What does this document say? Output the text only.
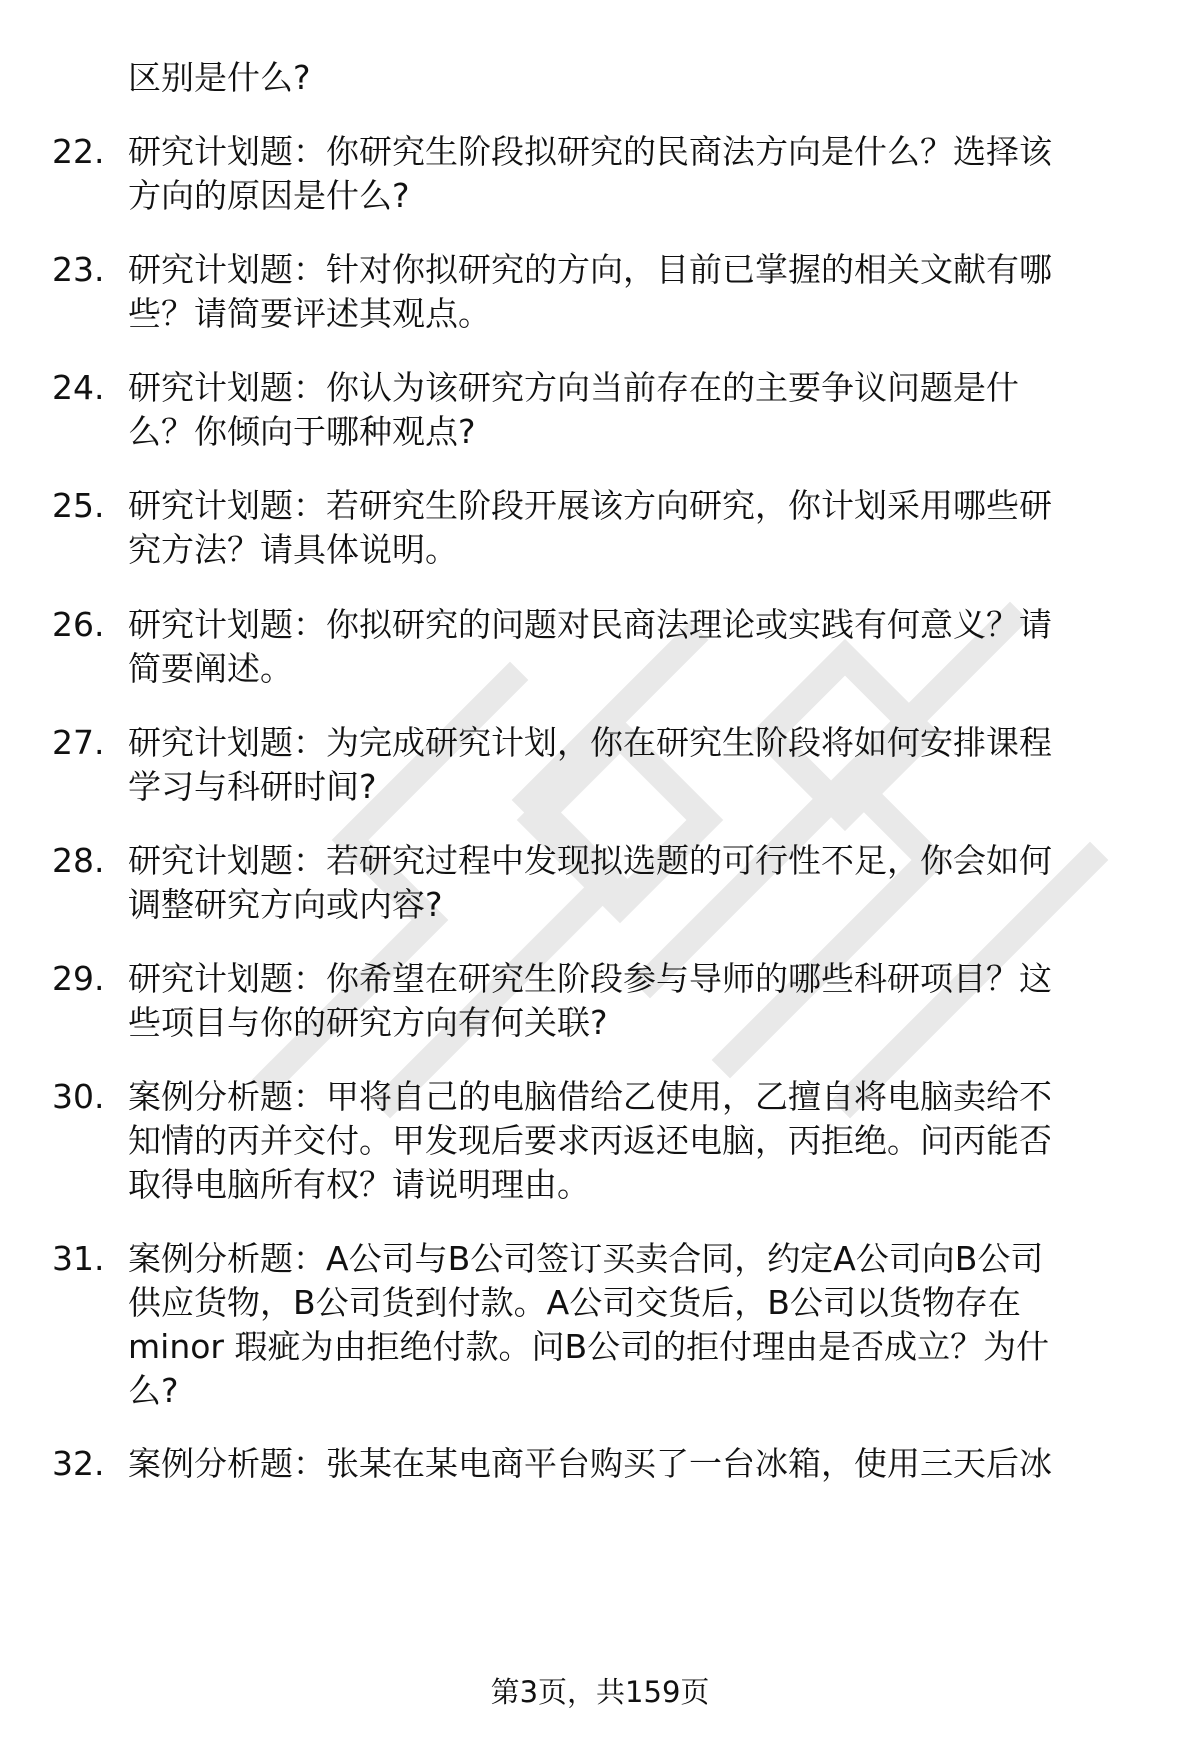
区别是什么?
22. 研究计划题：你研究生阶段拟研究的民商法方向是什么？选择该
方向的原因是什么?
23. 研究计划题：针对你拟研究的方向，目前已掌握的相关文献有哪
些？请简要评述其观点。
24. 研究计划题：你认为该研究方向当前存在的主要争议问题是什
么？你倾向于哪种观点?
25. 研究计划题：若研究生阶段开展该方向研究，你计划采用哪些研
究方法？请具体说明。
26. 研究计划题：你拟研究的问题对民商法理论或实践有何意义？请
简要阐述。
27. 研究计划题：为完成研究计划，你在研究生阶段将如何安排课程
学习与科研时间?
28. 研究计划题：若研究过程中发现拟选题的可行性不足，你会如何
调整研究方向或内容?
29. 研究计划题：你希望在研究生阶段参与导师的哪些科研项目？这
些项目与你的研究方向有何关联?
30. 案例分析题：甲将自己的电脑借给乙使用，乙擅自将电脑卖给不
知情的丙并交付。甲发现后要求丙返还电脑，丙拒绝。问丙能否
取得电脑所有权？请说明理由。
31. 案例分析题：A公司与B公司签订买卖合同，约定A公司向B公司
供应货物，B公司货到付款。A公司交货后，B公司以货物存在
minor 瑕疵为由拒绝付款。问B公司的拒付理由是否成立？为什
么?
32. 案例分析题：张某在某电商平台购买了一台冰箱，使用三天后冰
第3页，共159页
